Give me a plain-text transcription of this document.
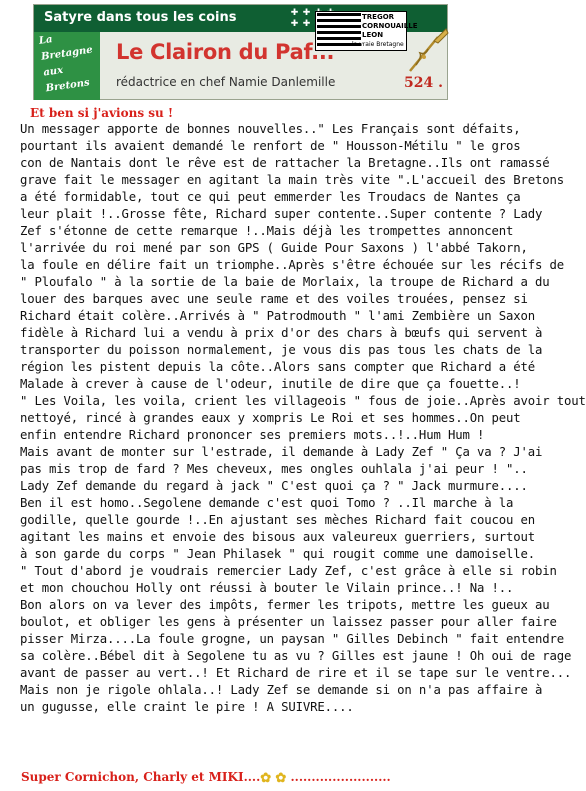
Satyre dans tous les coins	✚ ✚
✚ ✚
TREGOR
CORNOUAILLE
LEON
la vraie Bretagne
La
Bretagne
aux
Bretons
Le Clairon du Paf...
rédactrice en chef Namie Danlemille	524 .
Et ben si j'avions su !
Un messager apporte de bonnes nouvelles.." Les Français sont défaits,
pourtant ils avaient demandé le renfort de " Housson-Métilu " le gros
con de Nantais dont le rêve est de rattacher la Bretagne..Ils ont ramassé
grave fait le messager en agitant la main très vite ".L'accueil des Bretons
a été formidable, tout ce qui peut emmerder les Troudacs de Nantes ça
leur plait !..Grosse fête, Richard super contente..Super contente ? Lady
Zef s'étonne de cette remarque !..Mais déjà les trompettes annoncent
l'arrivée du roi mené par son GPS ( Guide Pour Saxons ) l'abbé Takorn,
la foule en délire fait un triomphe..Après s'être échouée sur les récifs de
" Ploufalo " à la sortie de la baie de Morlaix, la troupe de Richard a du
louer des barques avec une seule rame et des voiles trouées, pensez si
Richard était colère..Arrivés à " Patrodmouth " l'ami Zembière un Saxon
fidèle à Richard lui a vendu à prix d'or des chars à bœufs qui servent à
transporter du poisson normalement, je vous dis pas tous les chats de la
région les pistent depuis la côte..Alors sans compter que Richard a été
Malade à crever à cause de l'odeur, inutile de dire que ça fouette..!
" Les Voila, les voila, crient les villageois " fous de joie..Après avoir tout
nettoyé, rincé à grandes eaux y xompris Le Roi et ses hommes..On peut
enfin entendre Richard prononcer ses premiers mots..!..Hum Hum !
Mais avant de monter sur l'estrade, il demande à Lady Zef " Ça va ? J'ai
pas mis trop de fard ? Mes cheveux, mes ongles ouhlala j'ai peur ! "..
Lady Zef demande du regard à jack " C'est quoi ça ? " Jack murmure....
Ben il est homo..Segolene demande c'est quoi Tomo ? ..Il marche à la
godille, quelle gourde !..En ajustant ses mèches Richard fait coucou en
agitant les mains et envoie des bisous aux valeureux guerriers, surtout
à son garde du corps " Jean Philasek " qui rougit comme une damoiselle.
" Tout d'abord je voudrais remercier Lady Zef, c'est grâce à elle si robin
et mon chouchou Holly ont réussi à bouter le Vilain prince..! Na !..
Bon alors on va lever des impôts, fermer les tripots, mettre les gueux au
boulot, et obliger les gens à présenter un laissez passer pour aller faire
pisser Mirza....La foule grogne, un paysan " Gilles Debinch " fait entendre
sa colère..Bébel dit à Segolene tu as vu ? Gilles est jaune ! Oh oui de rage
avant de passer au vert..! Et Richard de rire et il se tape sur le ventre...
Mais non je rigole ohlala..! Lady Zef se demande si on n'a pas affaire à
un gugusse, elle craint le pire ! A SUIVRE....
Super Cornichon, Charly et MIKI....✿ ✿ ........................
